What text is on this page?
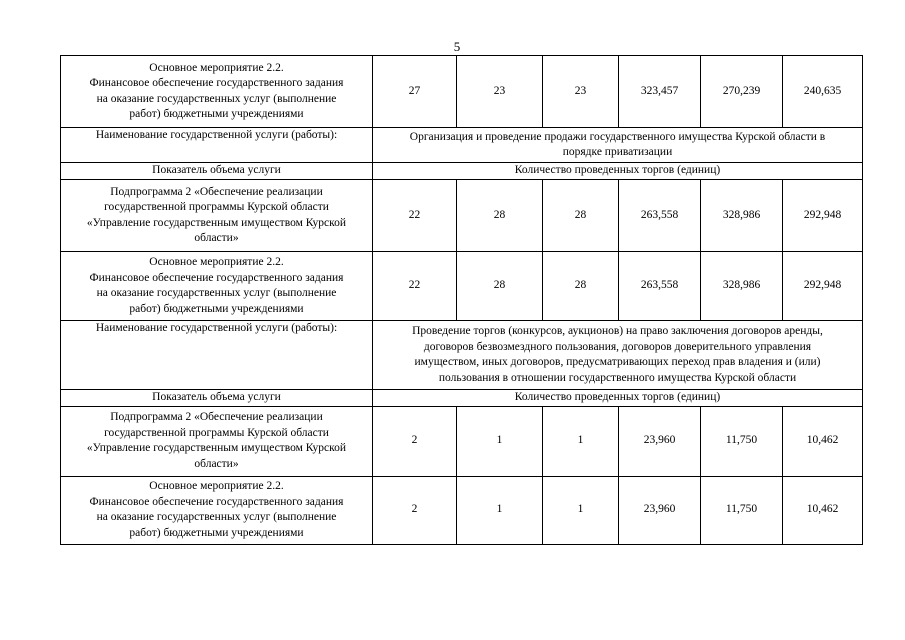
5
Основное мероприятие 2.2.
Финансовое обеспечение государственного задания
на оказание государственных услуг (выполнение
работ) бюджетными учреждениями	27	23	23	323,457	270,239	240,635
Наименование государственной услуги (работы):	Организация и проведение продажи государственного имущества Курской области в
порядке приватизации					

Показатель объема услуги	Количество проведенных торгов (единиц)					

Подпрограмма 2 «Обеспечение реализации
государственной программы Курской области
«Управление государственным имуществом Курской
области»	22	28	28	263,558	328,986	292,948

Основное мероприятие 2.2.
Финансовое обеспечение государственного задания
на оказание государственных услуг (выполнение
работ) бюджетными учреждениями	22	28	28	263,558	328,986	292,948
Наименование государственной услуги (работы):	Проведение торгов (конкурсов, аукционов) на право заключения договоров аренды,
договоров безвозмездного пользования, договоров доверительного управления
имуществом, иных договоров, предусматривающих переход прав владения и (или)
пользования в отношении государственного имущества Курской области					

Показатель объема услуги	Количество проведенных торгов (единиц)					

Подпрограмма 2 «Обеспечение реализации
государственной программы Курской области
«Управление государственным имуществом Курской
области»	2	1	1	23,960	11,750	10,462

Основное мероприятие 2.2.
Финансовое обеспечение государственного задания
на оказание государственных услуг (выполнение
работ) бюджетными учреждениями	2	1	1	23,960	11,750	10,462
